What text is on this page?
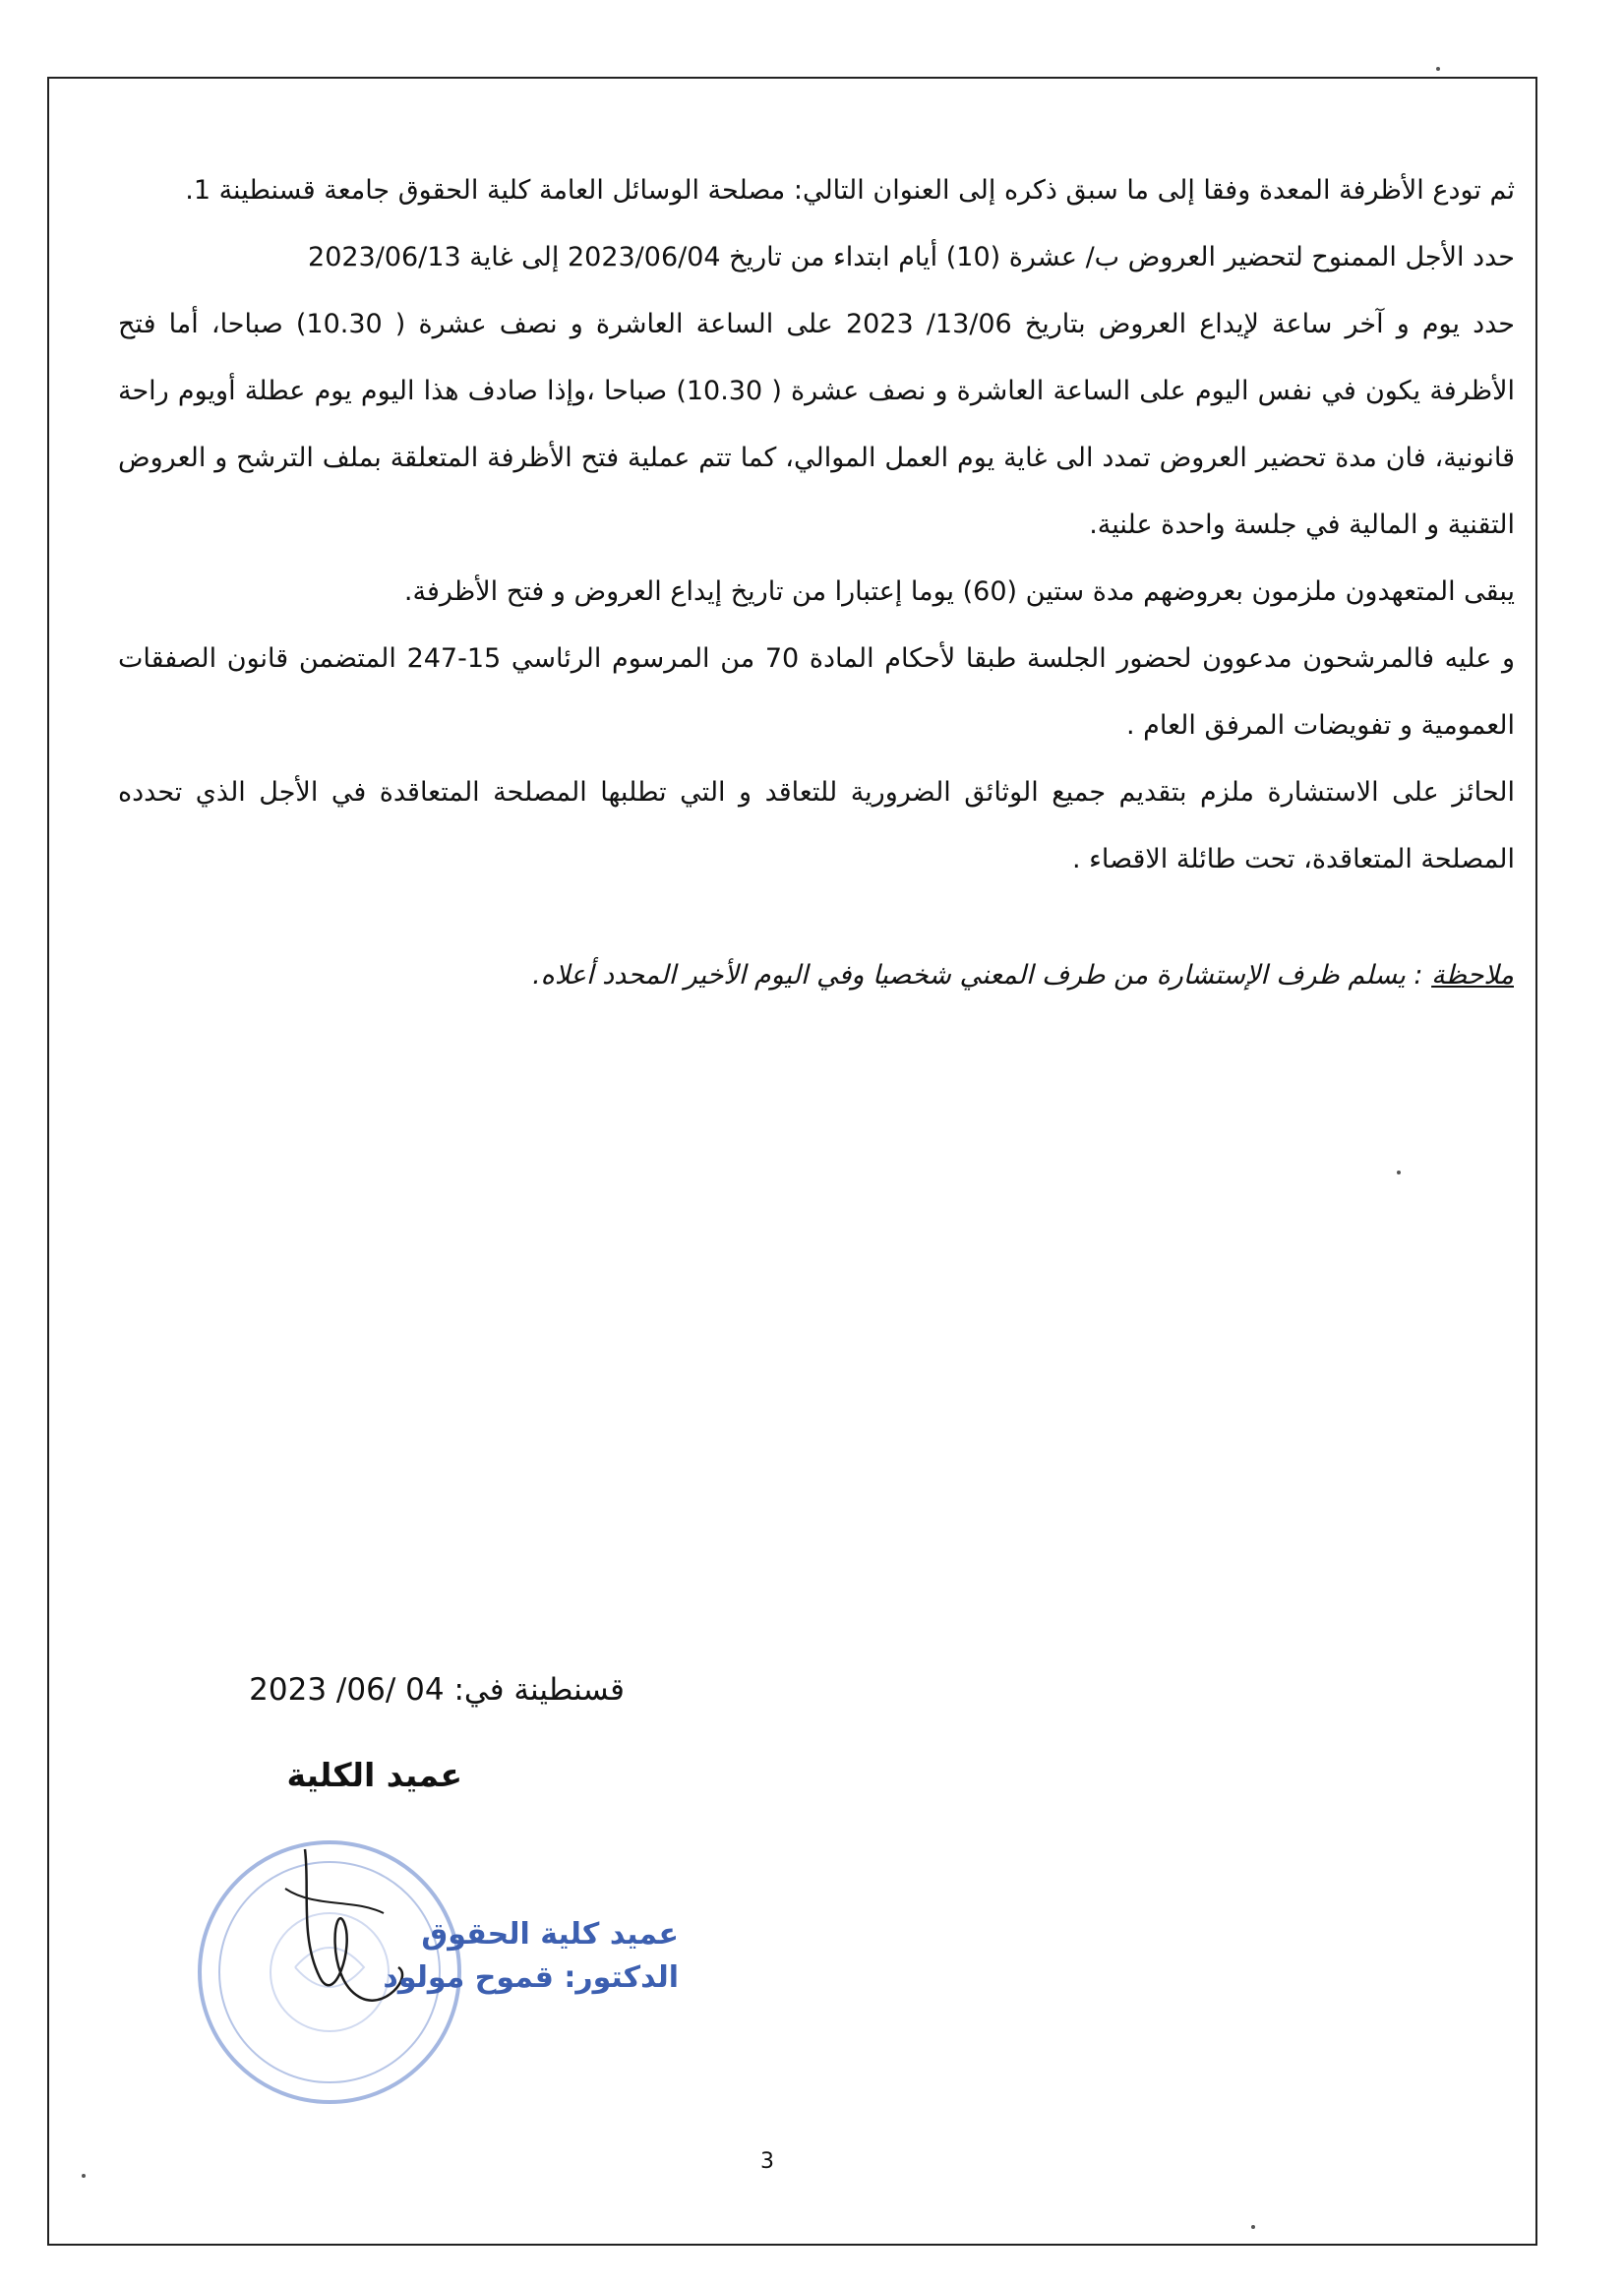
ثم تودع الأظرفة المعدة وفقا إلى ما سبق ذكره إلى العنوان التالي: مصلحة الوسائل العامة كلية الحقوق جامعة قسنطينة 1.

حدد الأجل الممنوح لتحضير العروض ب/ عشرة (10) أيام ابتداء من تاريخ 2023/06/04 إلى غاية 2023/06/13

حدد يوم و آخر ساعة لإيداع العروض بتاريخ 13/06/ 2023 على الساعة العاشرة و نصف عشرة ( 10.30) صباحا، أما فتح الأظرفة يكون في نفس اليوم على الساعة العاشرة و نصف عشرة ( 10.30) صباحا ،وإذا صادف هذا اليوم يوم عطلة أويوم راحة قانونية، فان مدة تحضير العروض تمدد الى غاية يوم العمل الموالي، كما تتم عملية فتح الأظرفة المتعلقة بملف الترشح و العروض التقنية و المالية في جلسة واحدة علنية.

يبقى المتعهدون ملزمون بعروضهم مدة ستين (60) يوما إعتبارا من تاريخ إيداع العروض و فتح الأظرفة.

و عليه فالمرشحون مدعوون لحضور الجلسة طبقا لأحكام المادة 70 من المرسوم الرئاسي 15-247 المتضمن قانون الصفقات العمومية و تفويضات المرفق العام .

الحائز على الاستشارة ملزم بتقديم جميع الوثائق الضرورية للتعاقد و التي تطلبها المصلحة المتعاقدة في الأجل الذي تحدده المصلحة المتعاقدة، تحت طائلة الاقصاء .

ملاحظة : يسلم ظرف الإستشارة من طرف المعني شخصيا وفي اليوم الأخير المحدد أعلاه.
قسنطينة في: 04 /06/ 2023
عميد الكلية
عميد كلية الحقوق
الدكتور: قموح مولود
3
